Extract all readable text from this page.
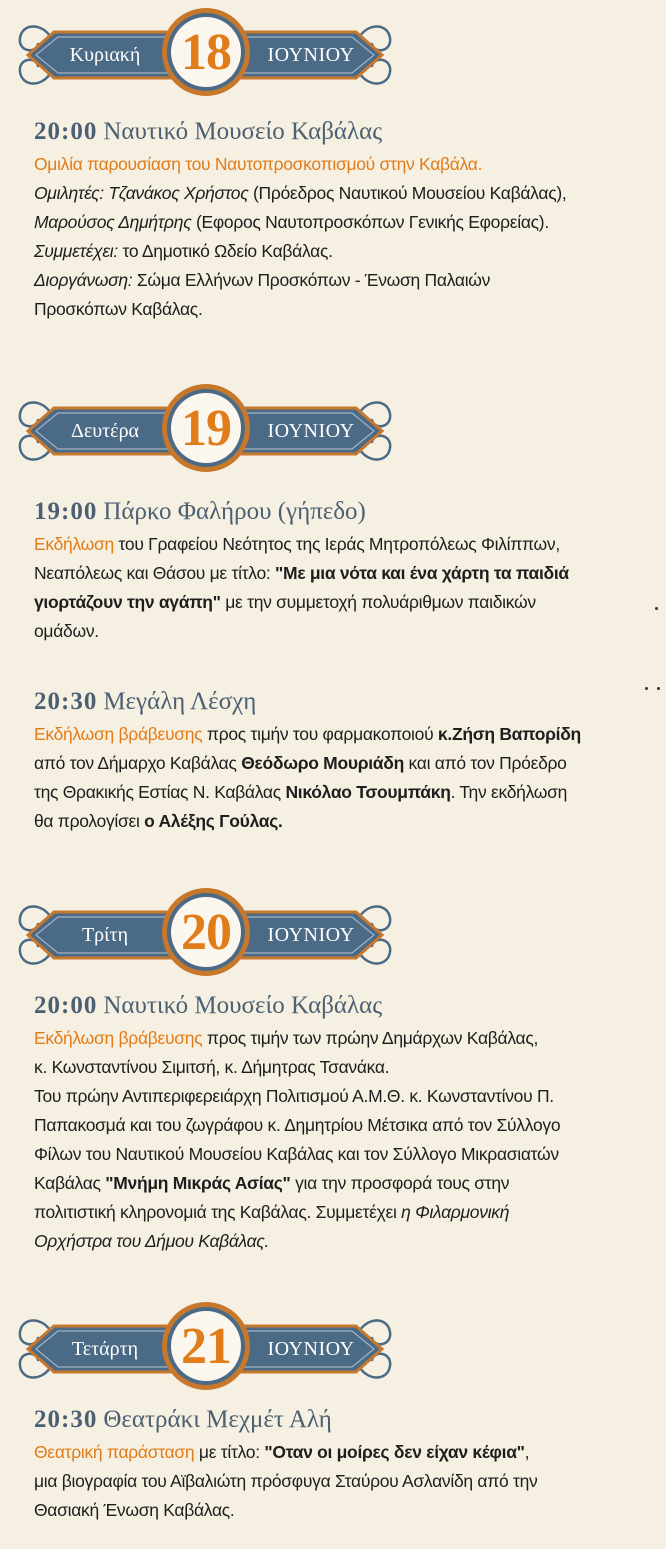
Κυριακή 18	ΙΟΥΝΙΟΥ
20:00 Ναυτικό Μουσείο Καβάλας
Ομιλία παρουσίαση του Ναυτοπροσκοπισμού στην Καβάλα.
Ομιλητές: Τζανάκος Χρήστος (Πρόεδρος Ναυτικού Μουσείου Καβάλας),
Μαρούσος Δημήτρης (Εφορος Ναυτοπροσκόπων Γενικής Εφορείας).
Συμμετέχει: το Δημοτικό Ωδείο Καβάλας.
Διοργάνωση: Σώμα Ελλήνων Προσκόπων - Ένωση Παλαιών
Προσκόπων Καβάλας.
Δευτέρα 19	ΙΟΥΝΙΟΥ
19:00 Πάρκο Φαλήρου (γήπεδο)
Εκδήλωση του Γραφείου Νεότητος της Ιεράς Μητροπόλεως Φιλίππων,
Νεαπόλεως και Θάσου με τίτλο: "Με μια νότα και ένα χάρτη τα παιδιά
γιορτάζουν την αγάπη" με την συμμετοχή πολυάριθμων παιδικών
ομάδων.
20:30 Μεγάλη Λέσχη
Εκδήλωση βράβευσης προς τιμήν του φαρμακοποιού κ.Ζήση Βαπορίδη
από τον Δήμαρχο Καβάλας Θεόδωρο Μουριάδη και από τον Πρόεδρο
της Θρακικής Εστίας Ν. Καβάλας Νικόλαο Τσουμπάκη. Την εκδήλωση
θα προλογίσει ο Αλέξης Γούλας.
Τρίτη	20	ΙΟΥΝΙΟΥ
20:00 Ναυτικό Μουσείο Καβάλας
Εκδήλωση βράβευσης προς τιμήν των πρώην Δημάρχων Καβάλας,
κ. Κωνσταντίνου Σιμιτσή, κ. Δήμητρας Τσανάκα.
Του πρώην Αντιπεριφερειάρχη Πολιτισμού Α.Μ.Θ. κ. Κωνσταντίνου Π.
Παπακοσμά και του ζωγράφου κ. Δημητρίου Μέτσικα από τον Σύλλογο
Φίλων του Ναυτικού Μουσείου Καβάλας και τον Σύλλογο Μικρασιατών
Καβάλας "Μνήμη Μικράς Ασίας" για την προσφορά τους στην
πολιτιστική κληρονομιά της Καβάλας. Συμμετέχει η Φιλαρμονική
Ορχήστρα του Δήμου Καβάλας.
Τετάρτη 21	ΙΟΥΝΙΟΥ
20:30 Θεατράκι Μεχμέτ Αλή
Θεατρική παράσταση με τίτλο: "Οταν οι μοίρες δεν είχαν κέφια",
μια βιογραφία του Αϊβαλιώτη πρόσφυγα Σταύρου Ασλανίδη από την
Θασιακή Ένωση Καβάλας.
